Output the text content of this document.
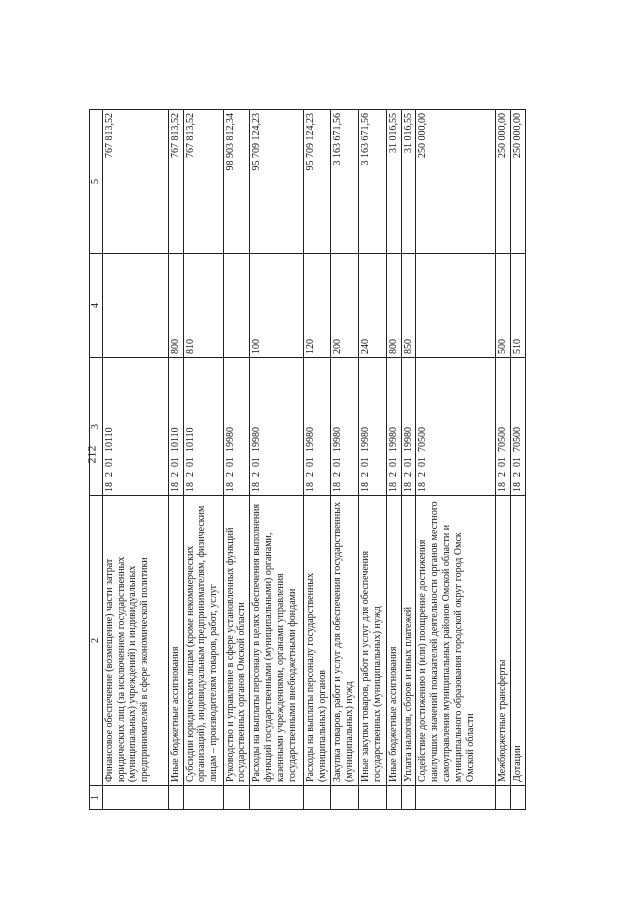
212
1	2	3	4	5
	Финансовое обеспечение (возмещение) части затрат юридических лиц (за исключением государственных (муниципальных) учреждений) и индивидуальных предпринимателей в сфере экономической политики	18  2  01  10110		767 813,52
	Иные бюджетные ассигнования	18  2  01  10110	800	767 813,52
	Субсидии юридическим лицам (кроме некоммерческих организаций), индивидуальным предпринимателям, физическим лицам – производителям товаров, работ, услуг	18  2  01  10110	810	767 813,52
	Руководство и управление в сфере установленных функций государственных органов Омской области	18  2  01  19980		98 903 812,34
	Расходы на выплаты персоналу в целях обеспечения выполнения функций государственными (муниципальными) органами, казенными учреждениями, органами управления государственными внебюджетными фондами	18  2  01  19980	100	95 709 124,23
	Расходы на выплаты персоналу государственных (муниципальных) органов	18  2  01  19980	120	95 709 124,23
	Закупка товаров, работ и услуг для обеспечения государственных (муниципальных) нужд	18  2  01  19980	200	3 163 671,56
	Иные закупки товаров, работ и услуг для обеспечения государственных (муниципальных) нужд	18  2  01  19980	240	3 163 671,56
	Иные бюджетные ассигнования	18  2  01  19980	800	31 016,55
	Уплата налогов, сборов и иных платежей	18  2  01  19980	850	31 016,55
	Содействие достижению и (или) поощрение достижения наилучших значений показателей деятельности органов местного самоуправления муниципальных районов Омской области и муниципального образования городской округ город Омск Омской области	18  2  01  70500		250 000,00
	Межбюджетные трансферты	18  2  01  70500	500	250 000,00
	Дотации	18  2  01  70500	510	250 000,00
